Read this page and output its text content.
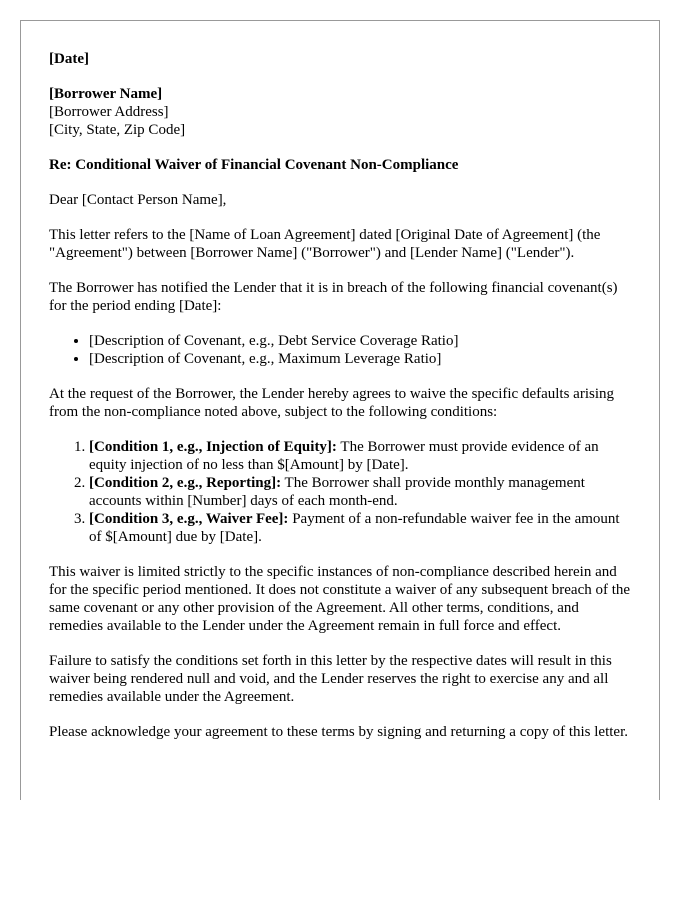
[Date]
[Borrower Name]
[Borrower Address]
[City, State, Zip Code]
Re: Conditional Waiver of Financial Covenant Non-Compliance
Dear [Contact Person Name],
This letter refers to the [Name of Loan Agreement] dated [Original Date of Agreement] (the "Agreement") between [Borrower Name] ("Borrower") and [Lender Name] ("Lender").
The Borrower has notified the Lender that it is in breach of the following financial covenant(s) for the period ending [Date]:
• [Description of Covenant, e.g., Debt Service Coverage Ratio]
• [Description of Covenant, e.g., Maximum Leverage Ratio]
At the request of the Borrower, the Lender hereby agrees to waive the specific defaults arising from the non-compliance noted above, subject to the following conditions:
1. [Condition 1, e.g., Injection of Equity]: The Borrower must provide evidence of an equity injection of no less than $[Amount] by [Date].
2. [Condition 2, e.g., Reporting]: The Borrower shall provide monthly management accounts within [Number] days of each month-end.
3. [Condition 3, e.g., Waiver Fee]: Payment of a non-refundable waiver fee in the amount of $[Amount] due by [Date].
This waiver is limited strictly to the specific instances of non-compliance described herein and for the specific period mentioned. It does not constitute a waiver of any subsequent breach of the same covenant or any other provision of the Agreement. All other terms, conditions, and remedies available to the Lender under the Agreement remain in full force and effect.
Failure to satisfy the conditions set forth in this letter by the respective dates will result in this waiver being rendered null and void, and the Lender reserves the right to exercise any and all remedies available under the Agreement.
Please acknowledge your agreement to these terms by signing and returning a copy of this letter.
